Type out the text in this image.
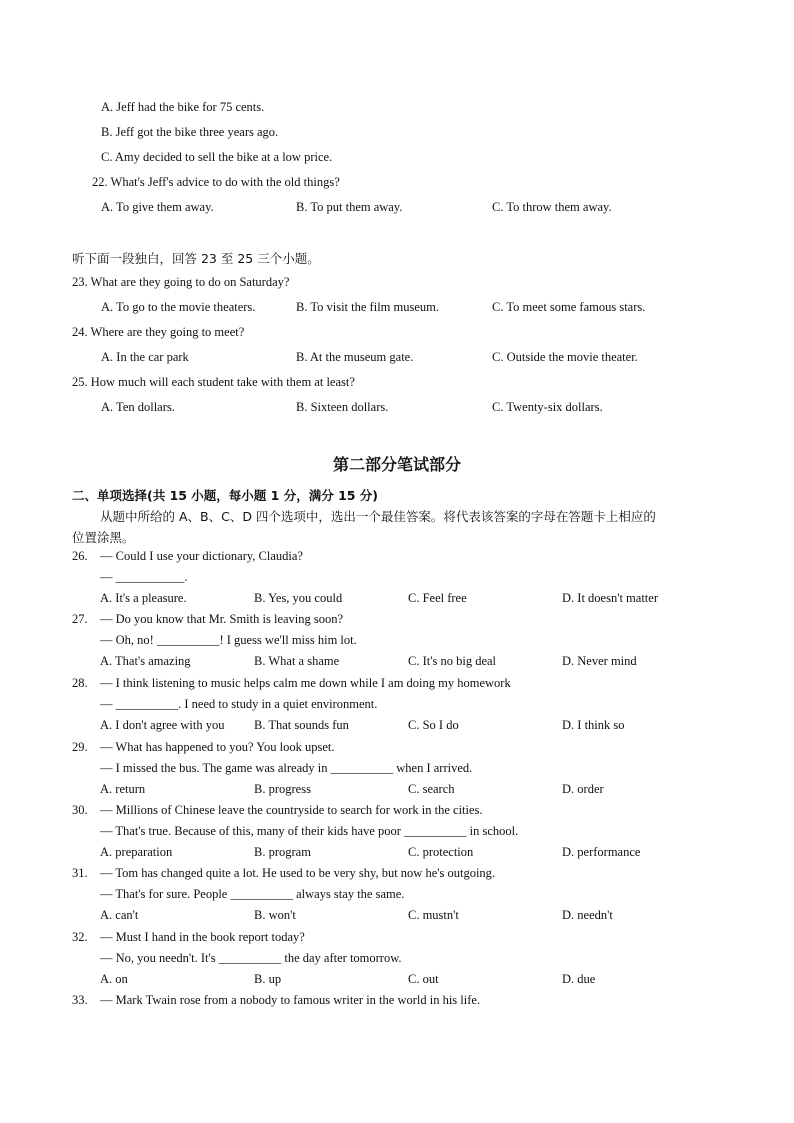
A. Jeff had the bike for 75 cents.
B. Jeff got the bike three years ago.
C. Amy decided to sell the bike at a low price.
22. What's Jeff's advice to do with the old things?
A. To give them away.	B. To put them away.	C. To throw them away.
听下面一段独白，回答 23 至 25 三个小题。
23. What are they going to do on Saturday?
A. To go to the movie theaters.	B. To visit the film museum.	C. To meet some famous stars.
24. Where are they going to meet?
A. In the car park	B. At the museum gate.	C. Outside the movie theater.
25. How much will each student take with them at least?
A. Ten dollars.	B. Sixteen dollars.	C. Twenty-six dollars.
第二部分笔试部分
二、单项选择(共 15 小题，每小题 1 分，满分 15 分)
从题中所给的 A、B、C、D 四个选项中，选出一个最佳答案。将代表该答案的字母在答题卡上相应的
位置涂黑。
26. — Could I use your dictionary, Claudia?
— ___________.
A. It's a pleasure.	B. Yes, you could	C. Feel free	D. It doesn't matter
27. — Do you know that Mr. Smith is leaving soon?
— Oh, no! __________! I guess we'll miss him lot.
A. That's amazing	B. What a shame	C. It's no big deal	D. Never mind
28. — I think listening to music helps calm me down while I am doing my homework
— __________. I need to study in a quiet environment.
A. I don't agree with you B. That sounds fun	C. So I do	D. I think so
29. — What has happened to you? You look upset.
— I missed the bus. The game was already in __________ when I arrived.
A. return	B. progress	C. search	D. order
30. — Millions of Chinese leave the countryside to search for work in the cities.
— That's true. Because of this, many of their kids have poor __________ in school.
A. preparation	B. program	C. protection	D. performance
31. — Tom has changed quite a lot. He used to be very shy, but now he's outgoing.
— That's for sure. People __________ always stay the same.
A. can't	B. won't	C. mustn't	D. needn't
32. — Must I hand in the book report today?
— No, you needn't. It's __________ the day after tomorrow.
A. on	B. up	C. out	D. due
33. — Mark Twain rose from a nobody to famous writer in the world in his life.
